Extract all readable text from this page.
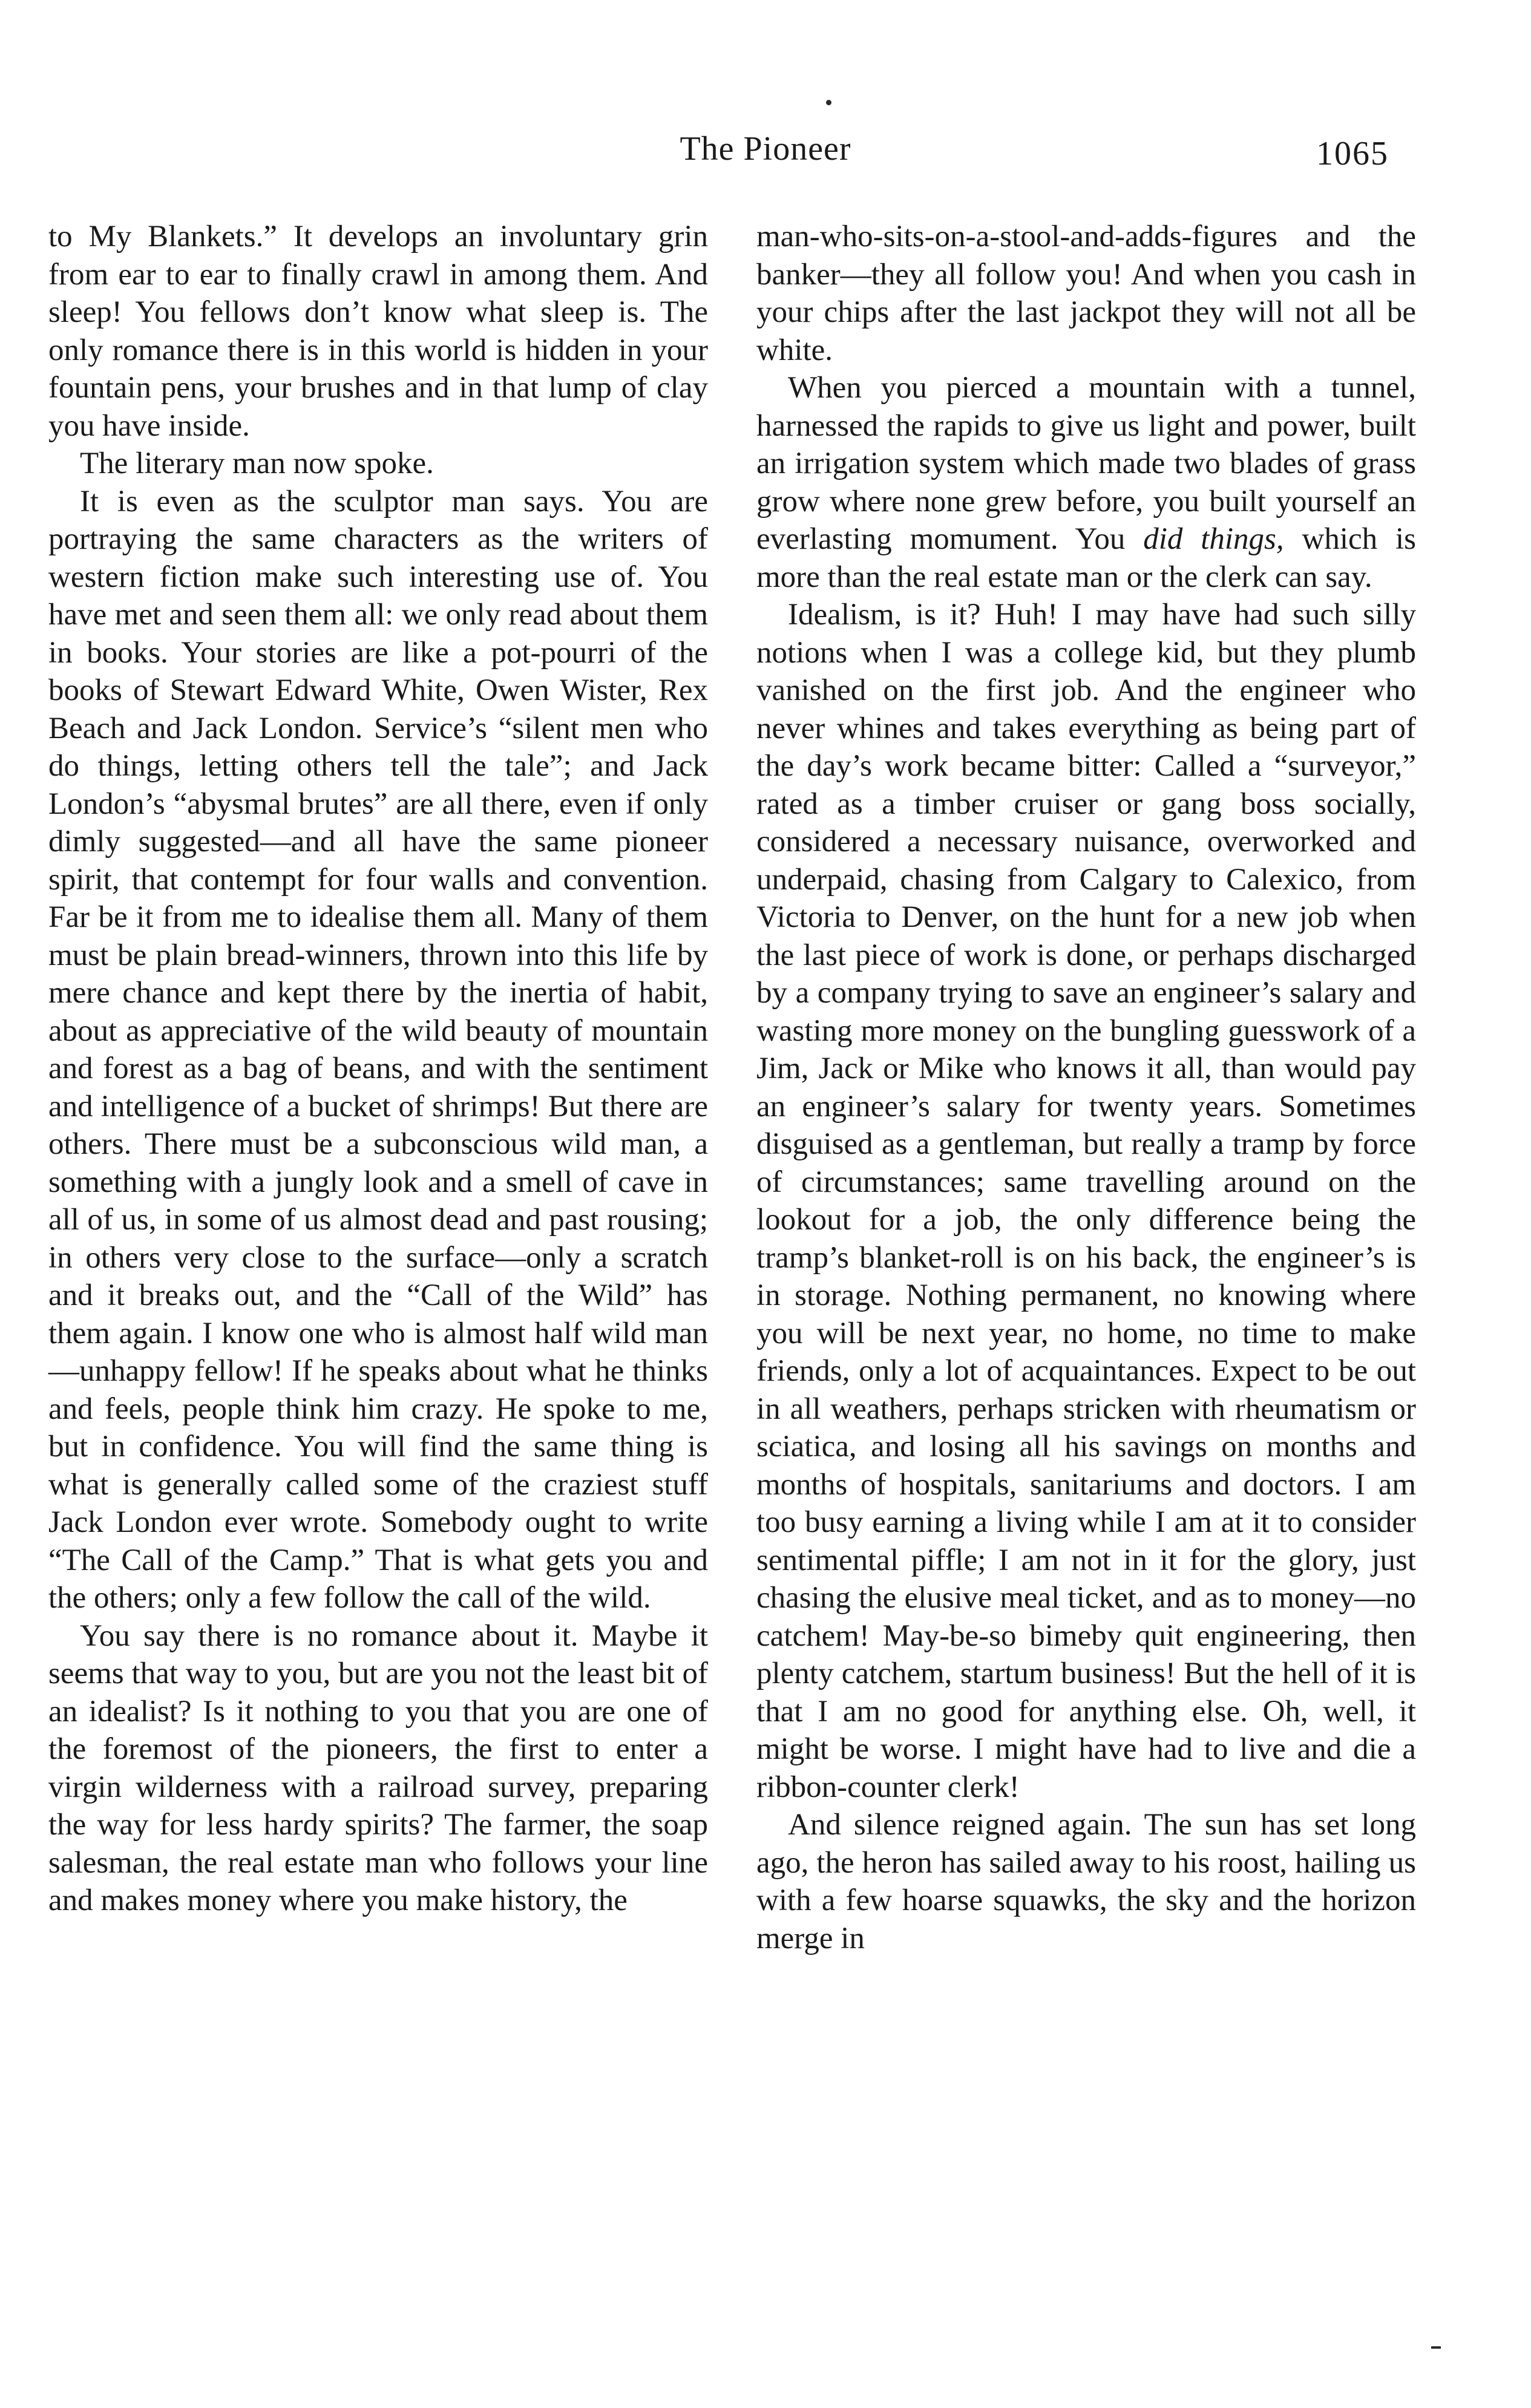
The Pioneer	1065

to My Blankets.” It develops an involuntary grin from ear to ear to finally crawl in among them. And sleep! You fellows don’t know what sleep is. The only romance there is in this world is hidden in your fountain pens, your brushes and in that lump of clay you have inside.

The literary man now spoke.

It is even as the sculptor man says. You are portraying the same characters as the writers of western fiction make such interesting use of. You have met and seen them all: we only read about them in books. Your stories are like a pot-pourri of the books of Stewart Edward White, Owen Wister, Rex Beach and Jack London. Service’s “silent men who do things, letting others tell the tale”; and Jack London’s “abysmal brutes” are all there, even if only dimly suggested—and all have the same pioneer spirit, that contempt for four walls and convention. Far be it from me to idealise them all. Many of them must be plain bread-winners, thrown into this life by mere chance and kept there by the inertia of habit, about as appreciative of the wild beauty of mountain and forest as a bag of beans, and with the sentiment and intelligence of a bucket of shrimps! But there are others. There must be a subconscious wild man, a something with a jungly look and a smell of cave in all of us, in some of us almost dead and past rousing; in others very close to the surface—only a scratch and it breaks out, and the “Call of the Wild” has them again. I know one who is almost half wild man—unhappy fellow! If he speaks about what he thinks and feels, people think him crazy. He spoke to me, but in confidence. You will find the same thing is what is generally called some of the craziest stuff Jack London ever wrote. Somebody ought to write “The Call of the Camp.” That is what gets you and the others; only a few follow the call of the wild.

You say there is no romance about it. Maybe it seems that way to you, but are you not the least bit of an idealist? Is it nothing to you that you are one of the foremost of the pioneers, the first to enter a virgin wilderness with a railroad survey, preparing the way for less hardy spirits? The farmer, the soap salesman, the real estate man who follows your line and makes money where you make history, the

man-who-sits-on-a-stool-and-adds-figures and the banker—they all follow you! And when you cash in your chips after the last jackpot they will not all be white.

When you pierced a mountain with a tunnel, harnessed the rapids to give us light and power, built an irrigation system which made two blades of grass grow where none grew before, you built yourself an everlasting momument. You did things, which is more than the real estate man or the clerk can say.

Idealism, is it? Huh! I may have had such silly notions when I was a college kid, but they plumb vanished on the first job. And the engineer who never whines and takes everything as being part of the day’s work became bitter: Called a “surveyor,” rated as a timber cruiser or gang boss socially, considered a necessary nuisance, overworked and underpaid, chasing from Calgary to Calexico, from Victoria to Denver, on the hunt for a new job when the last piece of work is done, or perhaps discharged by a company trying to save an engineer’s salary and wasting more money on the bungling guesswork of a Jim, Jack or Mike who knows it all, than would pay an engineer’s salary for twenty years. Sometimes disguised as a gentleman, but really a tramp by force of circumstances; same travelling around on the lookout for a job, the only difference being the tramp’s blanket-roll is on his back, the engineer’s is in storage. Nothing permanent, no knowing where you will be next year, no home, no time to make friends, only a lot of acquaintances. Expect to be out in all weathers, perhaps stricken with rheumatism or sciatica, and losing all his savings on months and months of hospitals, sanitariums and doctors. I am too busy earning a living while I am at it to consider sentimental piffle; I am not in it for the glory, just chasing the elusive meal ticket, and as to money—no catchem! May-be-so bimeby quit engineering, then plenty catchem, startum business! But the hell of it is that I am no good for anything else. Oh, well, it might be worse. I might have had to live and die a ribbon-counter clerk!

And silence reigned again. The sun has set long ago, the heron has sailed away to his roost, hailing us with a few hoarse squawks, the sky and the horizon merge in
